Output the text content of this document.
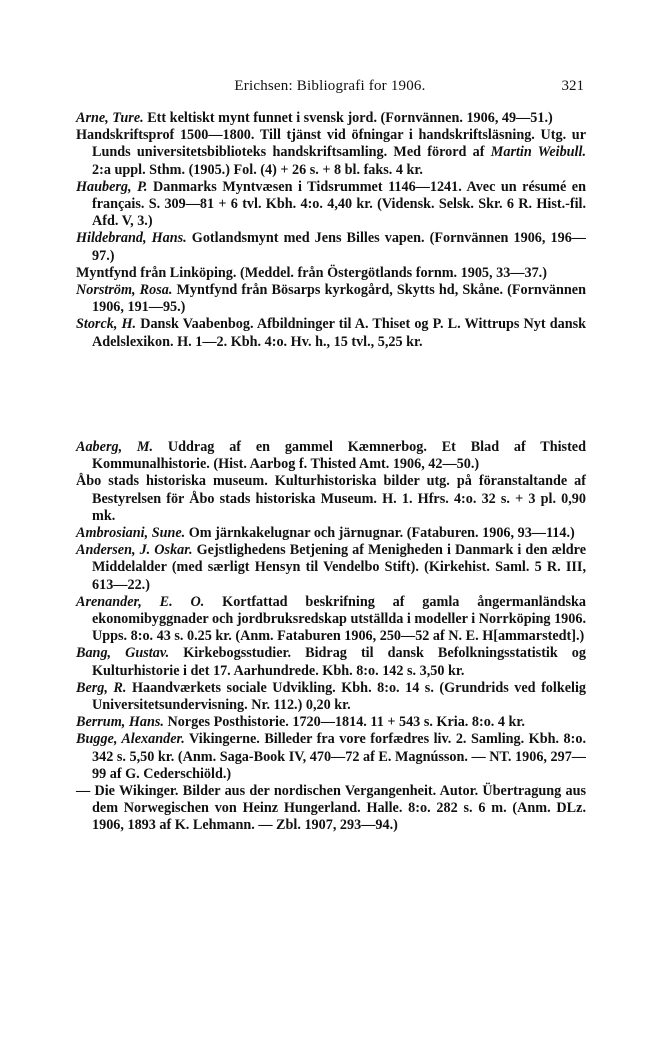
Erichsen: Bibliografi for 1906.	321

Arne, Ture. Ett keltiskt mynt funnet i svensk jord. (Fornvännen. 1906, 49—51.)

Handskriftsprof 1500—1800. Till tjänst vid öfningar i handskriftsläsning. Utg. ur Lunds universitetsbiblioteks handskriftsamling. Med förord af Martin Weibull. 2:a uppl. Sthm. (1905.) Fol. (4) + 26 s. + 8 bl. faks. 4 kr.

Hauberg, P. Danmarks Myntvæsen i Tidsrummet 1146—1241. Avec un résumé en français. S. 309—81 + 6 tvl. Kbh. 4:o. 4,40 kr. (Vidensk. Selsk. Skr. 6 R. Hist.-fil. Afd. V, 3.)

Hildebrand, Hans. Gotlandsmynt med Jens Billes vapen. (Fornvännen 1906, 196—97.)

Myntfynd från Linköping. (Meddel. från Östergötlands fornm. 1905, 33—37.)

Norström, Rosa. Myntfynd från Bösarps kyrkogård, Skytts hd, Skåne. (Fornvännen 1906, 191—95.)

Storck, H. Dansk Vaabenbog. Afbildninger til A. Thiset og P. L. Wittrups Nyt dansk Adelslexikon. H. 1—2. Kbh. 4:o. Hv. h., 15 tvl., 5,25 kr.

Aaberg, M. Uddrag af en gammel Kæmnerbog. Et Blad af Thisted Kommunalhistorie. (Hist. Aarbog f. Thisted Amt. 1906, 42—50.)

Åbo stads historiska museum. Kulturhistoriska bilder utg. på föranstaltande af Bestyrelsen för Åbo stads historiska Museum. H. 1. Hfrs. 4:o. 32 s. + 3 pl. 0,90 mk.

Ambrosiani, Sune. Om järnkakelugnar och järnugnar. (Fataburen. 1906, 93—114.)

Andersen, J. Oskar. Gejstlighedens Betjening af Menigheden i Danmark i den ældre Middelalder (med særligt Hensyn til Vendelbo Stift). (Kirkehist. Saml. 5 R. III, 613—22.)

Arenander, E. O. Kortfattad beskrifning af gamla ångermanländska ekonomibyggnader och jordbruksredskap utställda i modeller i Norrköping 1906. Upps. 8:o. 43 s. 0.25 kr. (Anm. Fataburen 1906, 250—52 af N. E. H[ammarstedt].)

Bang, Gustav. Kirkebogsstudier. Bidrag til dansk Befolkningsstatistik og Kulturhistorie i det 17. Aarhundrede. Kbh. 8:o. 142 s. 3,50 kr.

Berg, R. Haandværkets sociale Udvikling. Kbh. 8:o. 14 s. (Grundrids ved folkelig Universitetsundervisning. Nr. 112.) 0,20 kr.

Berrum, Hans. Norges Posthistorie. 1720—1814. 11 + 543 s. Kria. 8:o. 4 kr.

Bugge, Alexander. Vikingerne. Billeder fra vore forfædres liv. 2. Samling. Kbh. 8:o. 342 s. 5,50 kr. (Anm. Saga-Book IV, 470—72 af E. Magnússon. — NT. 1906, 297—99 af G. Cederschiöld.)

— Die Wikinger. Bilder aus der nordischen Vergangenheit. Autor. Übertragung aus dem Norwegischen von Heinz Hungerland. Halle. 8:o. 282 s. 6 m. (Anm. DLz. 1906, 1893 af K. Lehmann. — Zbl. 1907, 293—94.)
